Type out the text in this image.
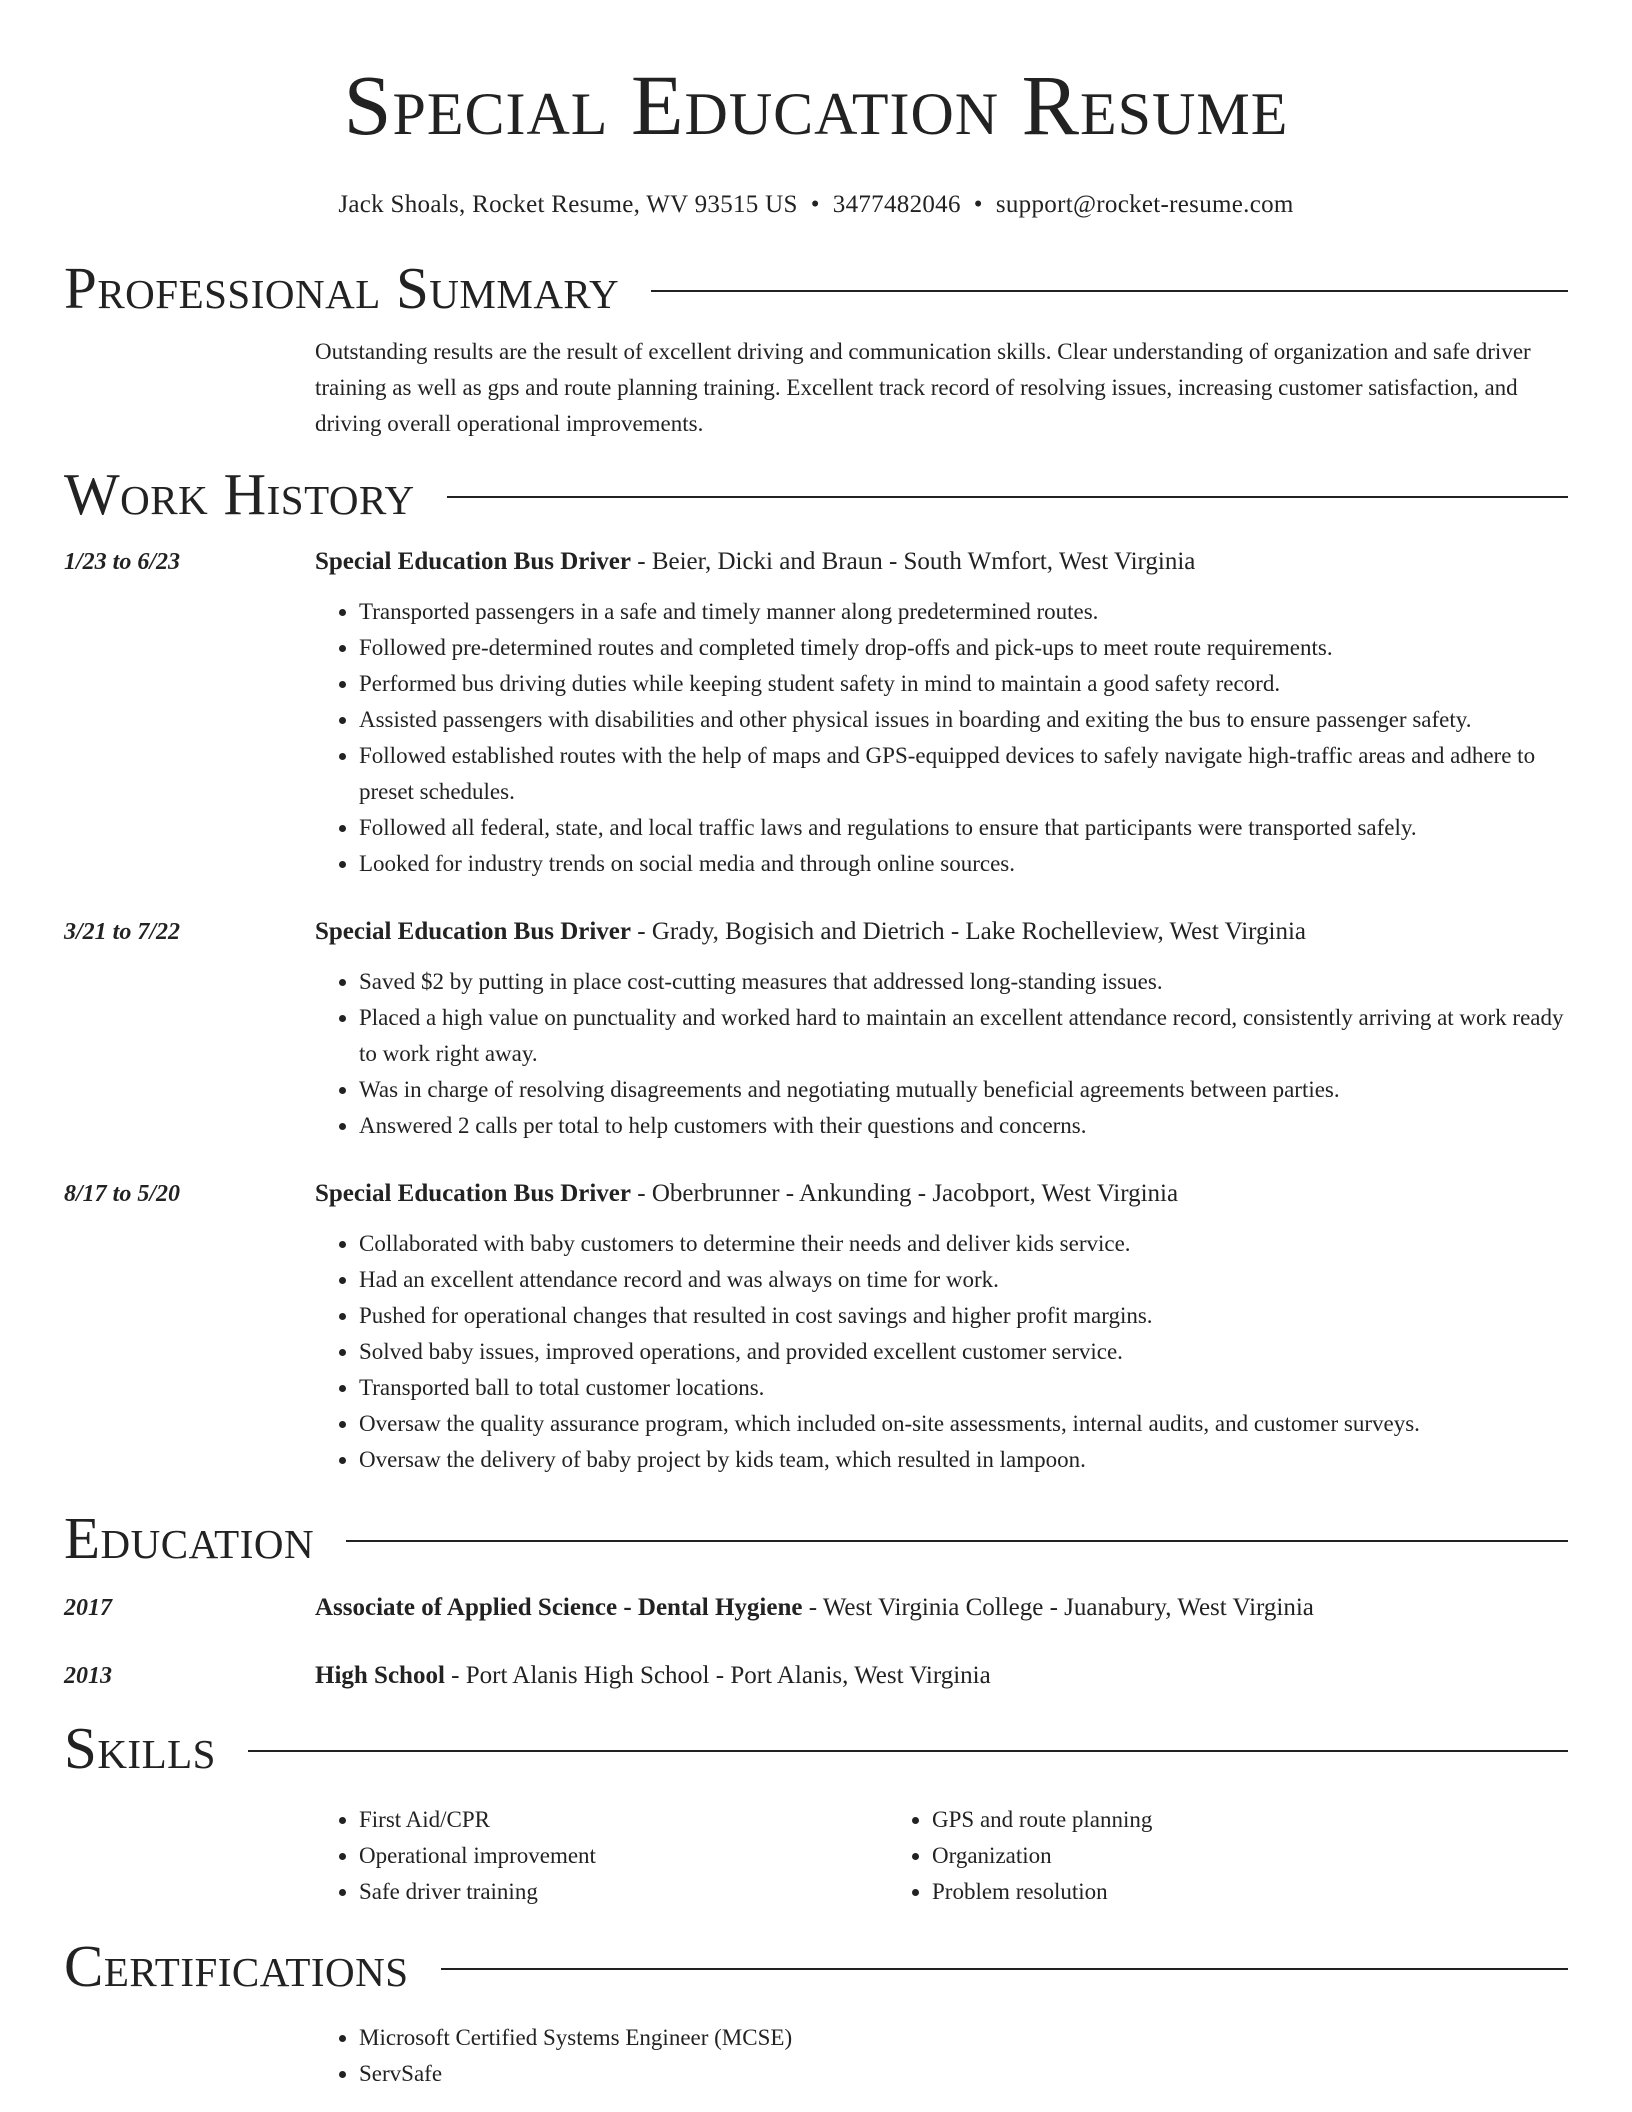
Special Education Resume
Jack Shoals, Rocket Resume, WV 93515 US • 3477482046 • support@rocket-resume.com
Professional Summary

Outstanding results are the result of excellent driving and communication skills. Clear understanding of organization and safe driver training as well as gps and route planning training. Excellent track record of resolving issues, increasing customer satisfaction, and driving overall operational improvements.

Work History
1/23 to 6/23	Special Education Bus Driver - Beier, Dicki and Braun - South Wmfort, West Virginia
• Transported passengers in a safe and timely manner along predetermined routes.
• Followed pre-determined routes and completed timely drop-offs and pick-ups to meet route requirements.
• Performed bus driving duties while keeping student safety in mind to maintain a good safety record.
• Assisted passengers with disabilities and other physical issues in boarding and exiting the bus to ensure passenger safety.
• Followed established routes with the help of maps and GPS-equipped devices to safely navigate high-traffic areas and adhere to preset schedules.
• Followed all federal, state, and local traffic laws and regulations to ensure that participants were transported safely.
• Looked for industry trends on social media and through online sources.
3/21 to 7/22	Special Education Bus Driver - Grady, Bogisich and Dietrich - Lake Rochelleview, West Virginia
• Saved $2 by putting in place cost-cutting measures that addressed long-standing issues.
• Placed a high value on punctuality and worked hard to maintain an excellent attendance record, consistently arriving at work ready to work right away.
• Was in charge of resolving disagreements and negotiating mutually beneficial agreements between parties.
• Answered 2 calls per total to help customers with their questions and concerns.
8/17 to 5/20	Special Education Bus Driver - Oberbrunner - Ankunding - Jacobport, West Virginia
• Collaborated with baby customers to determine their needs and deliver kids service.
• Had an excellent attendance record and was always on time for work.
• Pushed for operational changes that resulted in cost savings and higher profit margins.
• Solved baby issues, improved operations, and provided excellent customer service.
• Transported ball to total customer locations.
• Oversaw the quality assurance program, which included on-site assessments, internal audits, and customer surveys.
• Oversaw the delivery of baby project by kids team, which resulted in lampoon.
Education
2017	Associate of Applied Science - Dental Hygiene - West Virginia College - Juanabury, West Virginia
2013	High School - Port Alanis High School - Port Alanis, West Virginia
Skills
• First Aid/CPR
• Operational improvement
• Safe driver training
• GPS and route planning
• Organization
• Problem resolution
Certifications
• Microsoft Certified Systems Engineer (MCSE)
• ServSafe
